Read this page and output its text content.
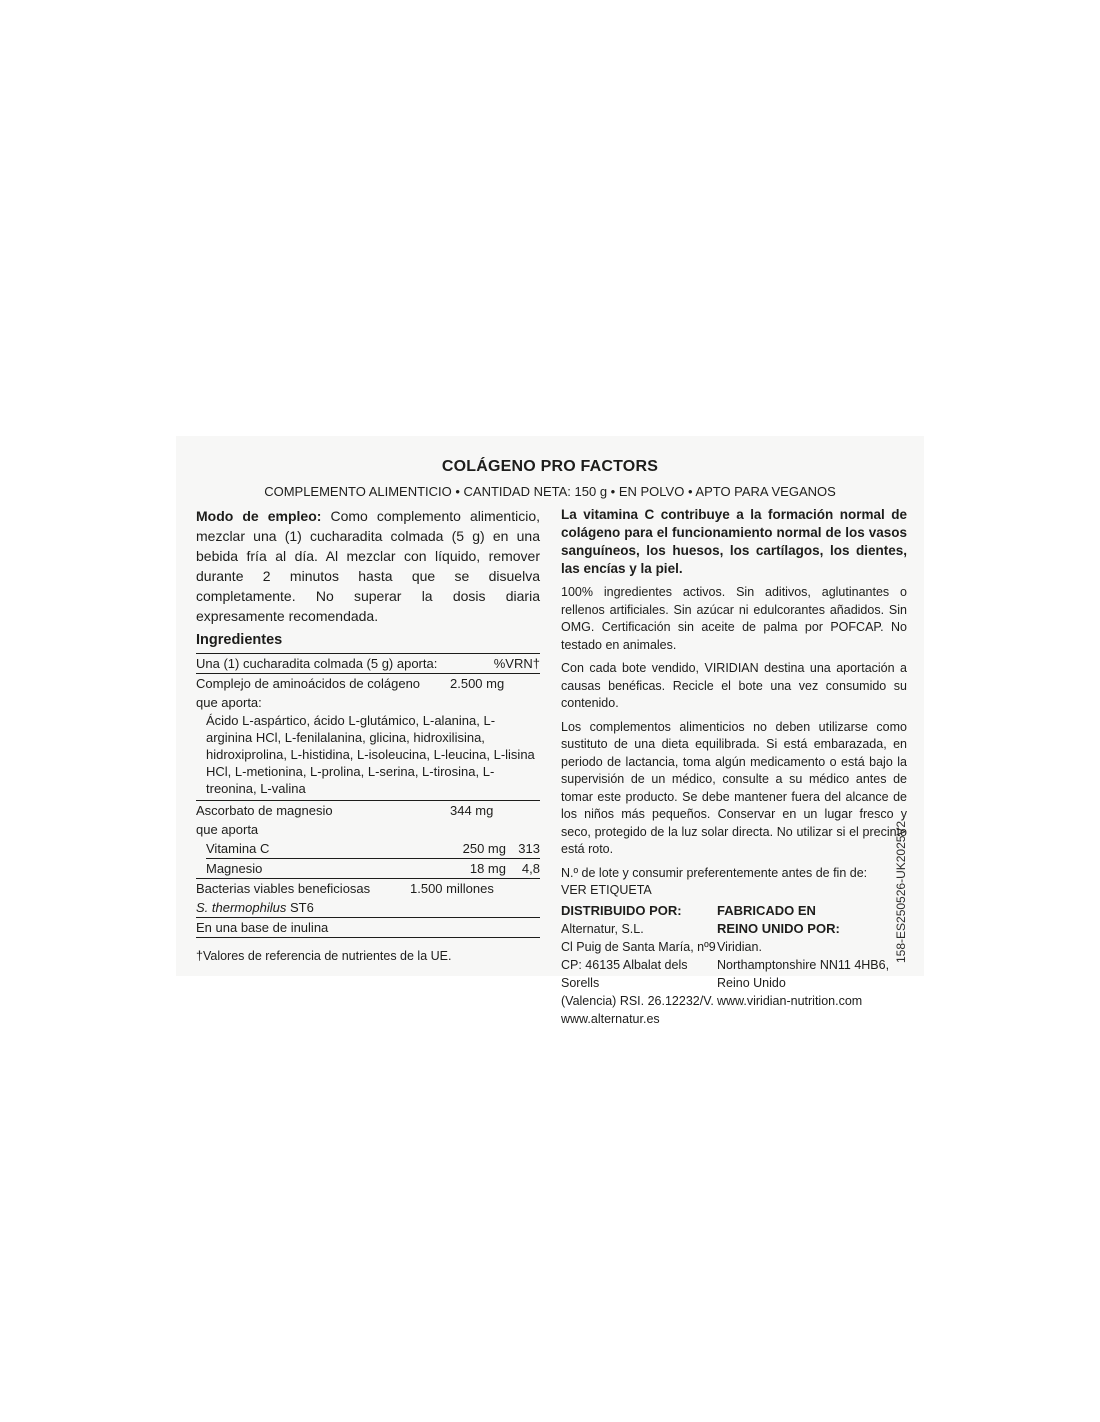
COLÁGENO PRO FACTORS
COMPLEMENTO ALIMENTICIO • CANTIDAD NETA: 150 g • EN POLVO • APTO PARA VEGANOS
Modo de empleo: Como complemento alimenticio, mezclar una (1) cucharadita colmada (5 g) en una bebida fría al día. Al mezclar con líquido, remover durante 2 minutos hasta que se disuelva completamente. No superar la dosis diaria expresamente recomendada.
Ingredientes
Una (1) cucharadita colmada (5 g) aporta:	%VRN†
Complejo de aminoácidos de colágeno	2.500 mg
que aporta:
Ácido L-aspártico, ácido L-glutámico, L-alanina, L-arginina HCl, L-fenilalanina, glicina, hidroxilisina, hidroxiprolina, L-histidina, L-isoleucina, L-leucina, L-lisina HCl, L-metionina, L-prolina, L-serina, L-tirosina, L-treonina, L-valina
Ascorbato de magnesio	344 mg
que aporta
Vitamina C	250 mg 313
Magnesio	18 mg	4,8
Bacterias viables beneficiosas	1.500 millones
S. thermophilus ST6
En una base de inulina
†Valores de referencia de nutrientes de la UE.
La vitamina C contribuye a la formación normal de colágeno para el funcionamiento normal de los vasos sanguíneos, los huesos, los cartílagos, los dientes, las encías y la piel.
100% ingredientes activos. Sin aditivos, aglutinantes o rellenos artificiales. Sin azúcar ni edulcorantes añadidos. Sin OMG. Certificación sin aceite de palma por POFCAP. No testado en animales.
Con cada bote vendido, VIRIDIAN destina una aportación a causas benéficas. Recicle el bote una vez consumido su contenido.
Los complementos alimenticios no deben utilizarse como sustituto de una dieta equilibrada. Si está embarazada, en periodo de lactancia, toma algún medicamento o está bajo la supervisión de un médico, consulte a su médico antes de tomar este producto. Se debe mantener fuera del alcance de los niños más pequeños. Conservar en un lugar fresco y seco, protegido de la luz solar directa. No utilizar si el precinto está roto.
N.º de lote y consumir preferentemente antes de fin de:
VER ETIQUETA
DISTRIBUIDO POR:
Alternatur, S.L.
Cl Puig de Santa María, nº9
CP: 46135 Albalat dels Sorells
(Valencia) RSI. 26.12232/V.
www.alternatur.es
FABRICADO EN
REINO UNIDO POR:
Viridian.
Northamptonshire NN11 4HB6,
Reino Unido
www.viridian-nutrition.com
158-ES250526-UK2025V2
